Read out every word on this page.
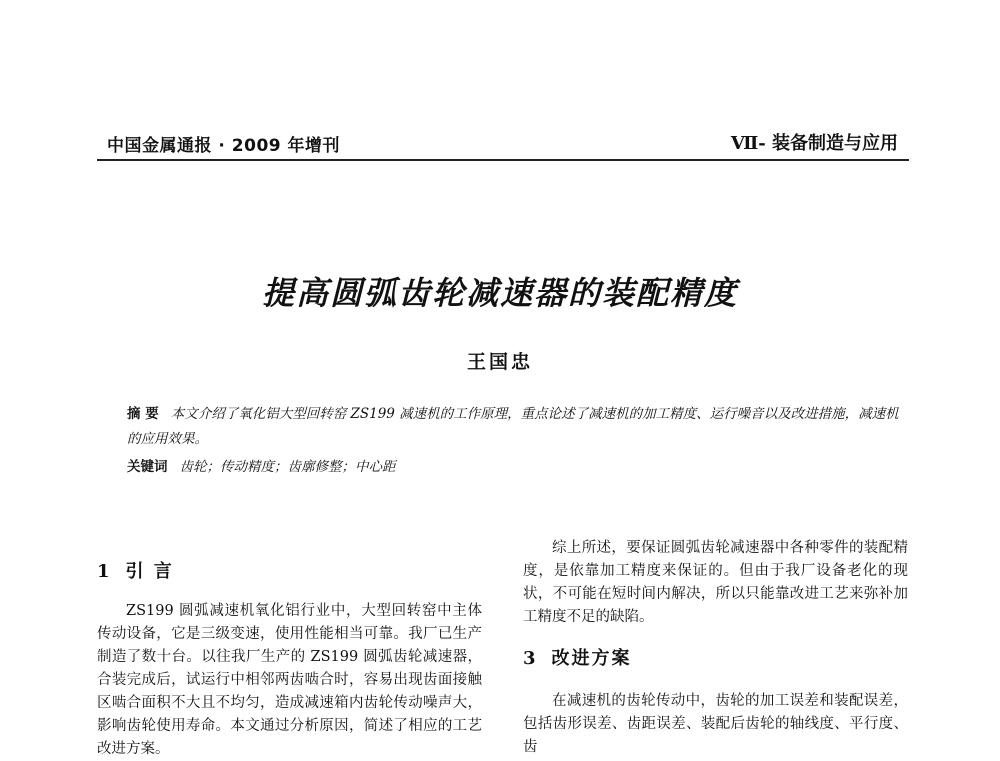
中国金属通报 · 2009 年增刊	Ⅶ- 装备制造与应用
提高圆弧齿轮减速器的装配精度
王国忠
摘 要 本文介绍了氧化铝大型回转窑 ZS199 减速机的工作原理，重点论述了减速机的加工精度、运行噪音以及改进措施，减速机的应用效果。
关键词 齿轮；传动精度；齿廓修整；中心距
1 引 言

ZS199 圆弧减速机氧化铝行业中，大型回转窑中主体传动设备，它是三级变速，使用性能相当可靠。我厂已生产制造了数十台。以往我厂生产的 ZS199 圆弧齿轮减速器，合装完成后，试运行中相邻两齿啮合时，容易出现齿面接触区啮合面积不大且不均匀，造成减速箱内齿轮传动噪声大，影响齿轮使用寿命。本文通过分析原因，简述了相应的工艺改进方案。

综上所述，要保证圆弧齿轮减速器中各种零件的装配精度，是依靠加工精度来保证的。但由于我厂设备老化的现状，不可能在短时间内解决，所以只能靠改进工艺来弥补加工精度不足的缺陷。

3 改进方案

在减速机的齿轮传动中，齿轮的加工误差和装配误差，包括齿形误差、齿距误差、装配后齿轮的轴线度、平行度、齿
